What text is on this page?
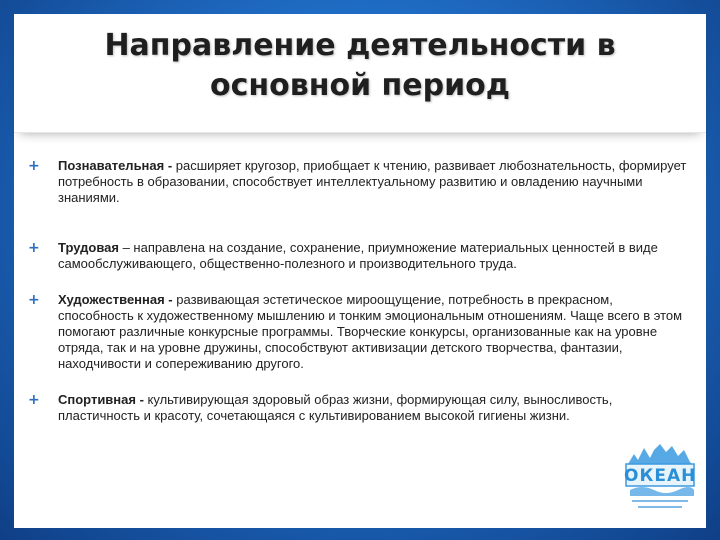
Направление деятельности в основной период
+ Познавательная - расширяет кругозор, приобщает к чтению, развивает любознательность, формирует потребность в образовании, способствует интеллектуальному развитию и овладению научными знаниями.
+ Трудовая – направлена на создание, сохранение, приумножение материальных ценностей в виде самообслуживающего, общественно-полезного и производительного труда.
+ Художественная - развивающая эстетическое мироощущение, потребность в прекрасном, способность к художественному мышлению и тонким эмоциональным отношениям. Чаще всего в этом помогают различные конкурсные программы. Творческие конкурсы, организованные как на уровне отряда, так и на уровне дружины, способствуют активизации детского творчества, фантазии, находчивости и сопереживанию другого.
+ Спортивная - культивирующая здоровый образ жизни, формирующая силу, выносливость, пластичность и красоту, сочетающаяся с культивированием высокой гигиены жизни.
ОКЕАН
